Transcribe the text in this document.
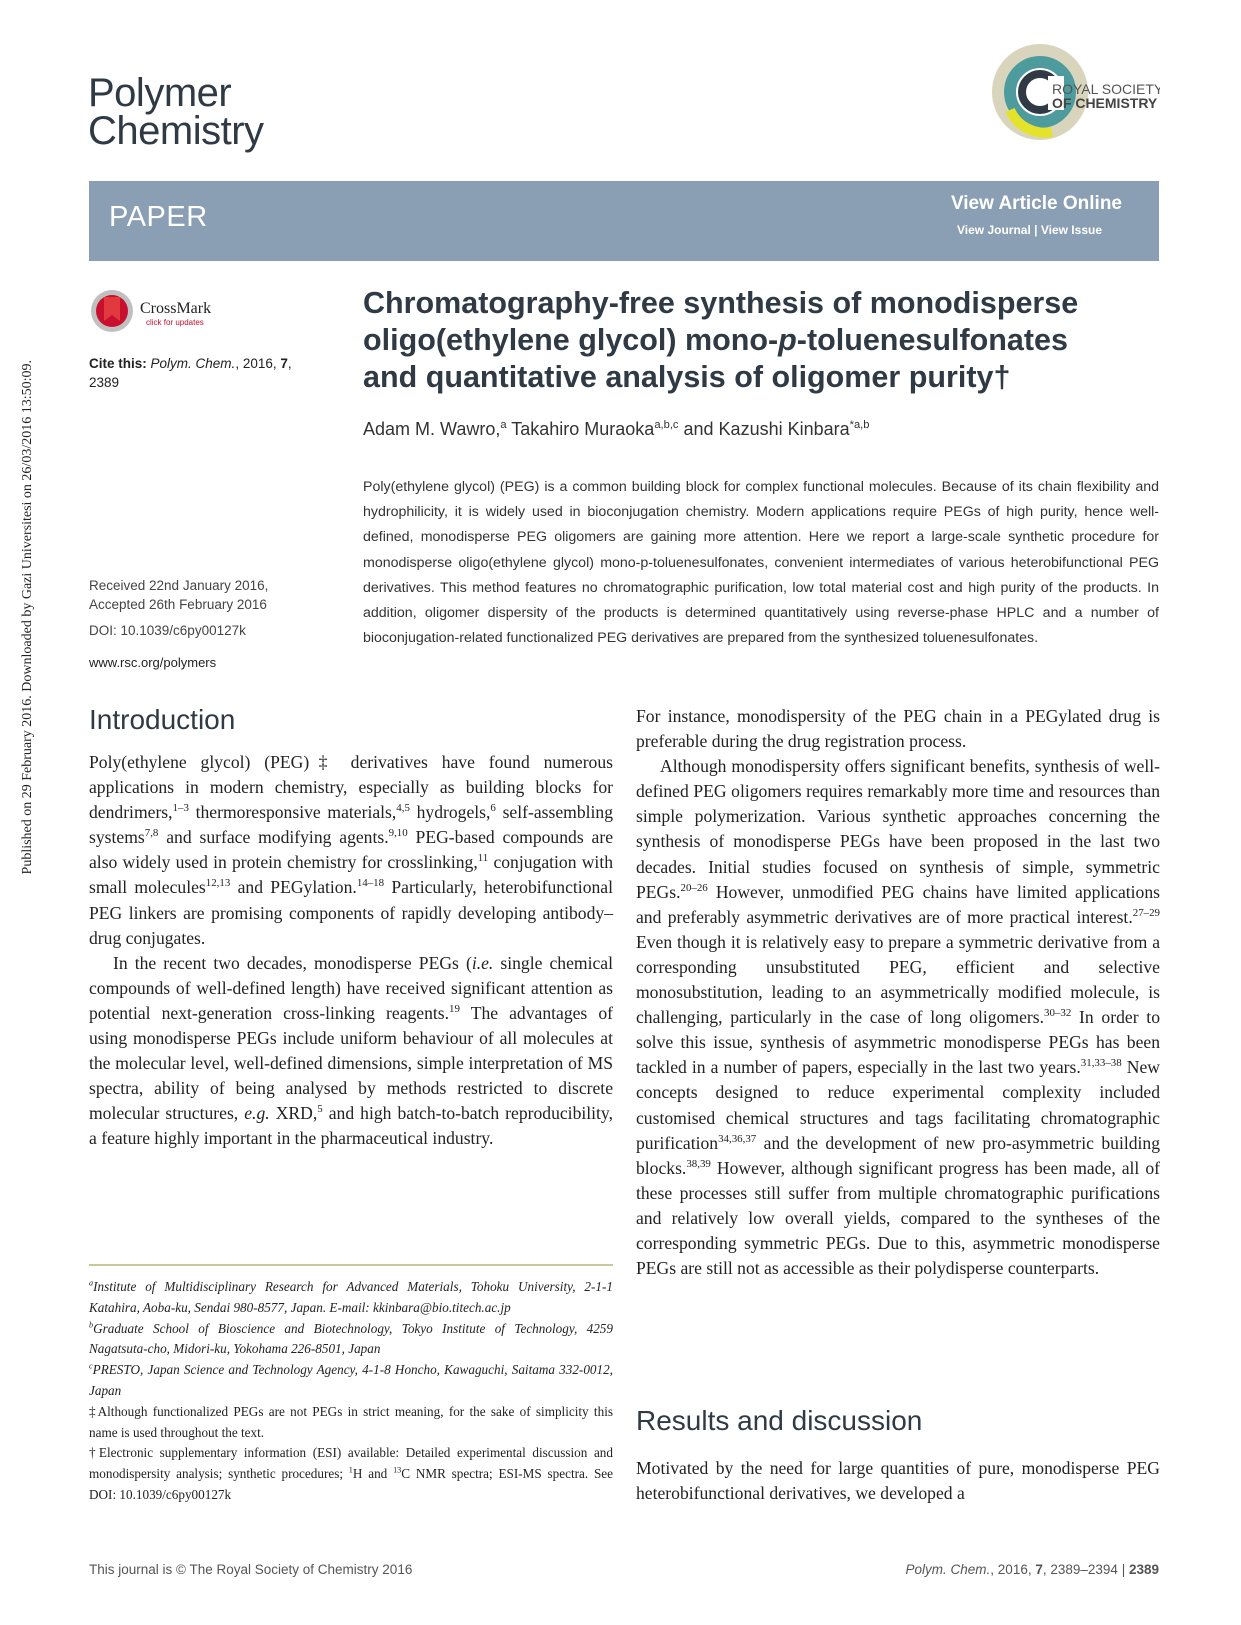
Polymer
Chemistry
ROYAL SOCIETY
OF CHEMISTRY
PAPER	View Article Online
View Journal | View Issue
Published on 29 February 2016. Downloaded by Gazi Universitesi on 26/03/2016 13:50:09.
CrossMark
click for updates
Cite this: Polym. Chem., 2016, 7,
2389
Received 22nd January 2016,
Accepted 26th February 2016
DOI: 10.1039/c6py00127k
www.rsc.org/polymers
Chromatography-free synthesis of monodisperse
oligo(ethylene glycol) mono-p-toluenesulfonates
and quantitative analysis of oligomer purity†
Adam M. Wawro,$^a$ Takahiro Muraoka$^{a,b,c}$ and Kazushi Kinbara$^{*a,b}$
Poly(ethylene glycol) (PEG) is a common building block for complex functional molecules. Because of its chain flexibility and hydrophilicity, it is widely used in bioconjugation chemistry. Modern applications require PEGs of high purity, hence well-defined, monodisperse PEG oligomers are gaining more attention. Here we report a large-scale synthetic procedure for monodisperse oligo(ethylene glycol) mono-p-toluenesulfonates, convenient intermediates of various heterobifunctional PEG derivatives. This method features no chromatographic purification, low total material cost and high purity of the products. In addition, oligomer dispersity of the products is determined quantitatively using reverse-phase HPLC and a number of bioconjugation-related functionalized PEG derivatives are prepared from the synthesized toluenesulfonates.
Introduction

Poly(ethylene glycol) (PEG)‡ derivatives have found numerous applications in modern chemistry, especially as building blocks for dendrimers,$^{1-3}$ thermoresponsive materials,$^{4,5}$ hydrogels,$^6$ self-assembling systems$^{7,8}$ and surface modifying agents.$^{9,10}$ PEG-based compounds are also widely used in protein chemistry for crosslinking,$^{11}$ conjugation with small molecules$^{12,13}$ and PEGylation.$^{14-18}$ Particularly, heterobifunctional PEG linkers are promising components of rapidly developing antibody–drug conjugates.

In the recent two decades, monodisperse PEGs (i.e. single chemical compounds of well-defined length) have received significant attention as potential next-generation cross-linking reagents.$^{19}$ The advantages of using monodisperse PEGs include uniform behaviour of all molecules at the molecular level, well-defined dimensions, simple interpretation of MS spectra, ability of being analysed by methods restricted to discrete molecular structures, e.g. XRD,$^5$ and high batch-to-batch reproducibility, a feature highly important in the pharmaceutical industry.

For instance, monodispersity of the PEG chain in a PEGylated drug is preferable during the drug registration process.

Although monodispersity offers significant benefits, synthesis of well-defined PEG oligomers requires remarkably more time and resources than simple polymerization. Various synthetic approaches concerning the synthesis of monodisperse PEGs have been proposed in the last two decades. Initial studies focused on synthesis of simple, symmetric PEGs.$^{20-26}$ However, unmodified PEG chains have limited applications and preferably asymmetric derivatives are of more practical interest.$^{27-29}$ Even though it is relatively easy to prepare a symmetric derivative from a corresponding unsubstituted PEG, efficient and selective monosubstitution, leading to an asymmetrically modified molecule, is challenging, particularly in the case of long oligomers.$^{30-32}$ In order to solve this issue, synthesis of asymmetric monodisperse PEGs has been tackled in a number of papers, especially in the last two years.$^{31,33-38}$ New concepts designed to reduce experimental complexity included customised chemical structures and tags facilitating chromatographic purification$^{34,36,37}$ and the development of new pro-asymmetric building blocks.$^{38,39}$ However, although significant progress has been made, all of these processes still suffer from multiple chromatographic purifications and relatively low overall yields, compared to the syntheses of the corresponding symmetric PEGs. Due to this, asymmetric monodisperse PEGs are still not as accessible as their polydisperse counterparts.

Results and discussion

Motivated by the need for large quantities of pure, monodisperse PEG heterobifunctional derivatives, we developed a

$^a$Institute of Multidisciplinary Research for Advanced Materials, Tohoku University, 2-1-1 Katahira, Aoba-ku, Sendai 980-8577, Japan. E-mail: kkinbara@bio.titech.ac.jp

$^b$Graduate School of Bioscience and Biotechnology, Tokyo Institute of Technology, 4259 Nagatsuta-cho, Midori-ku, Yokohama 226-8501, Japan

$^c$PRESTO, Japan Science and Technology Agency, 4-1-8 Honcho, Kawaguchi, Saitama 332-0012, Japan

‡Although functionalized PEGs are not PEGs in strict meaning, for the sake of simplicity this name is used throughout the text.

†Electronic supplementary information (ESI) available: Detailed experimental discussion and monodispersity analysis; synthetic procedures; $^1$H and $^{13}$C NMR spectra; ESI-MS spectra. See DOI: 10.1039/c6py00127k

This journal is © The Royal Society of Chemistry 2016	Polym. Chem., 2016, 7, 2389–2394 | 2389
